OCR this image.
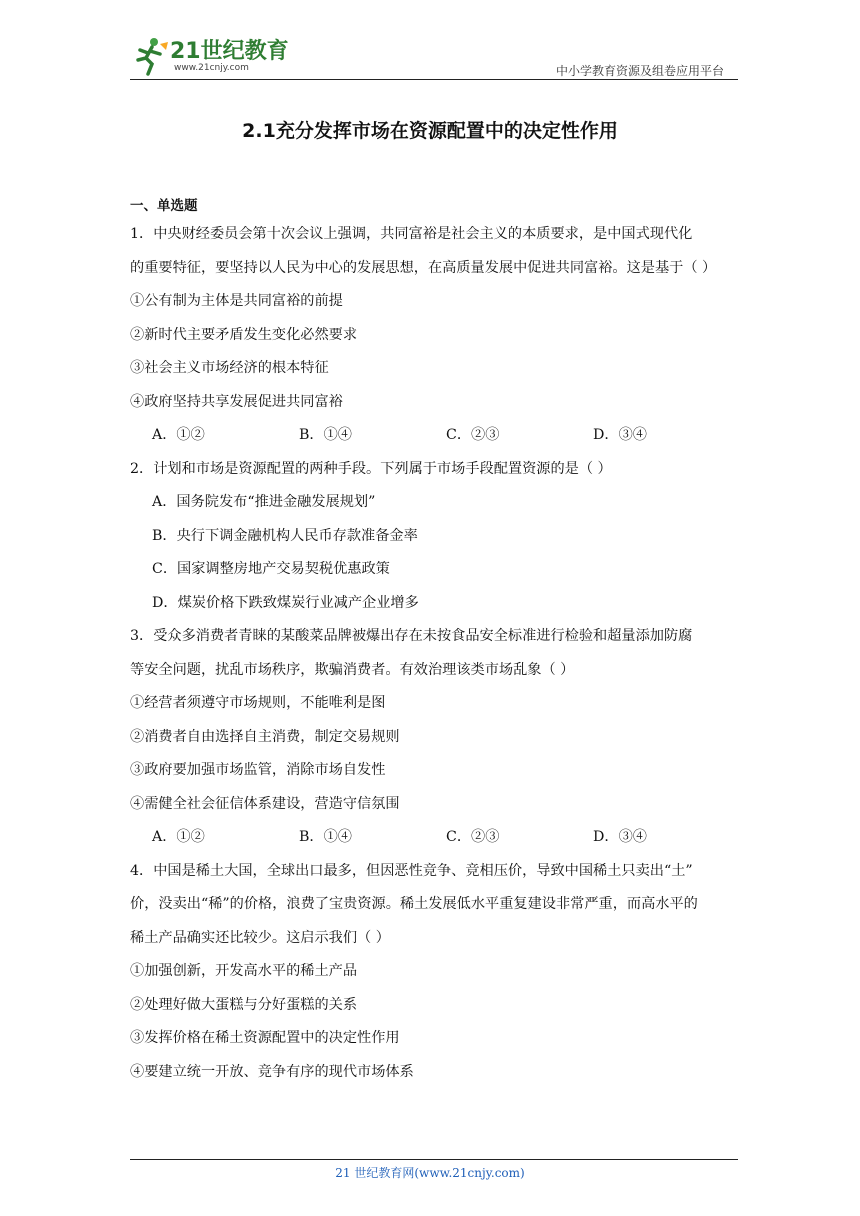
21世纪教育
www.21cnjy.com	中小学教育资源及组卷应用平台
2.1充分发挥市场在资源配置中的决定性作用
一、单选题
1．中央财经委员会第十次会议上强调，共同富裕是社会主义的本质要求，是中国式现代化
的重要特征，要坚持以人民为中心的发展思想，在高质量发展中促进共同富裕。这是基于（ ）
①公有制为主体是共同富裕的前提
②新时代主要矛盾发生变化必然要求
③社会主义市场经济的根本特征
④政府坚持共享发展促进共同富裕
A．①②	B．①④	C．②③	D．③④
2．计划和市场是资源配置的两种手段。下列属于市场手段配置资源的是（ ）
A．国务院发布“推进金融发展规划”
B．央行下调金融机构人民币存款准备金率
C．国家调整房地产交易契税优惠政策
D．煤炭价格下跌致煤炭行业减产企业增多
3．受众多消费者青睐的某酸菜品牌被爆出存在未按食品安全标准进行检验和超量添加防腐
等安全问题，扰乱市场秩序，欺骗消费者。有效治理该类市场乱象（ ）
①经营者须遵守市场规则，不能唯利是图
②消费者自由选择自主消费，制定交易规则
③政府要加强市场监管，消除市场自发性
④需健全社会征信体系建设，营造守信氛围
A．①②	B．①④	C．②③	D．③④
4．中国是稀土大国，全球出口最多，但因恶性竞争、竞相压价，导致中国稀土只卖出“土”
价，没卖出“稀”的价格，浪费了宝贵资源。稀土发展低水平重复建设非常严重，而高水平的
稀土产品确实还比较少。这启示我们（ ）
①加强创新，开发高水平的稀土产品
②处理好做大蛋糕与分好蛋糕的关系
③发挥价格在稀土资源配置中的决定性作用
④要建立统一开放、竞争有序的现代市场体系
21 世纪教育网(www.21cnjy.com)
